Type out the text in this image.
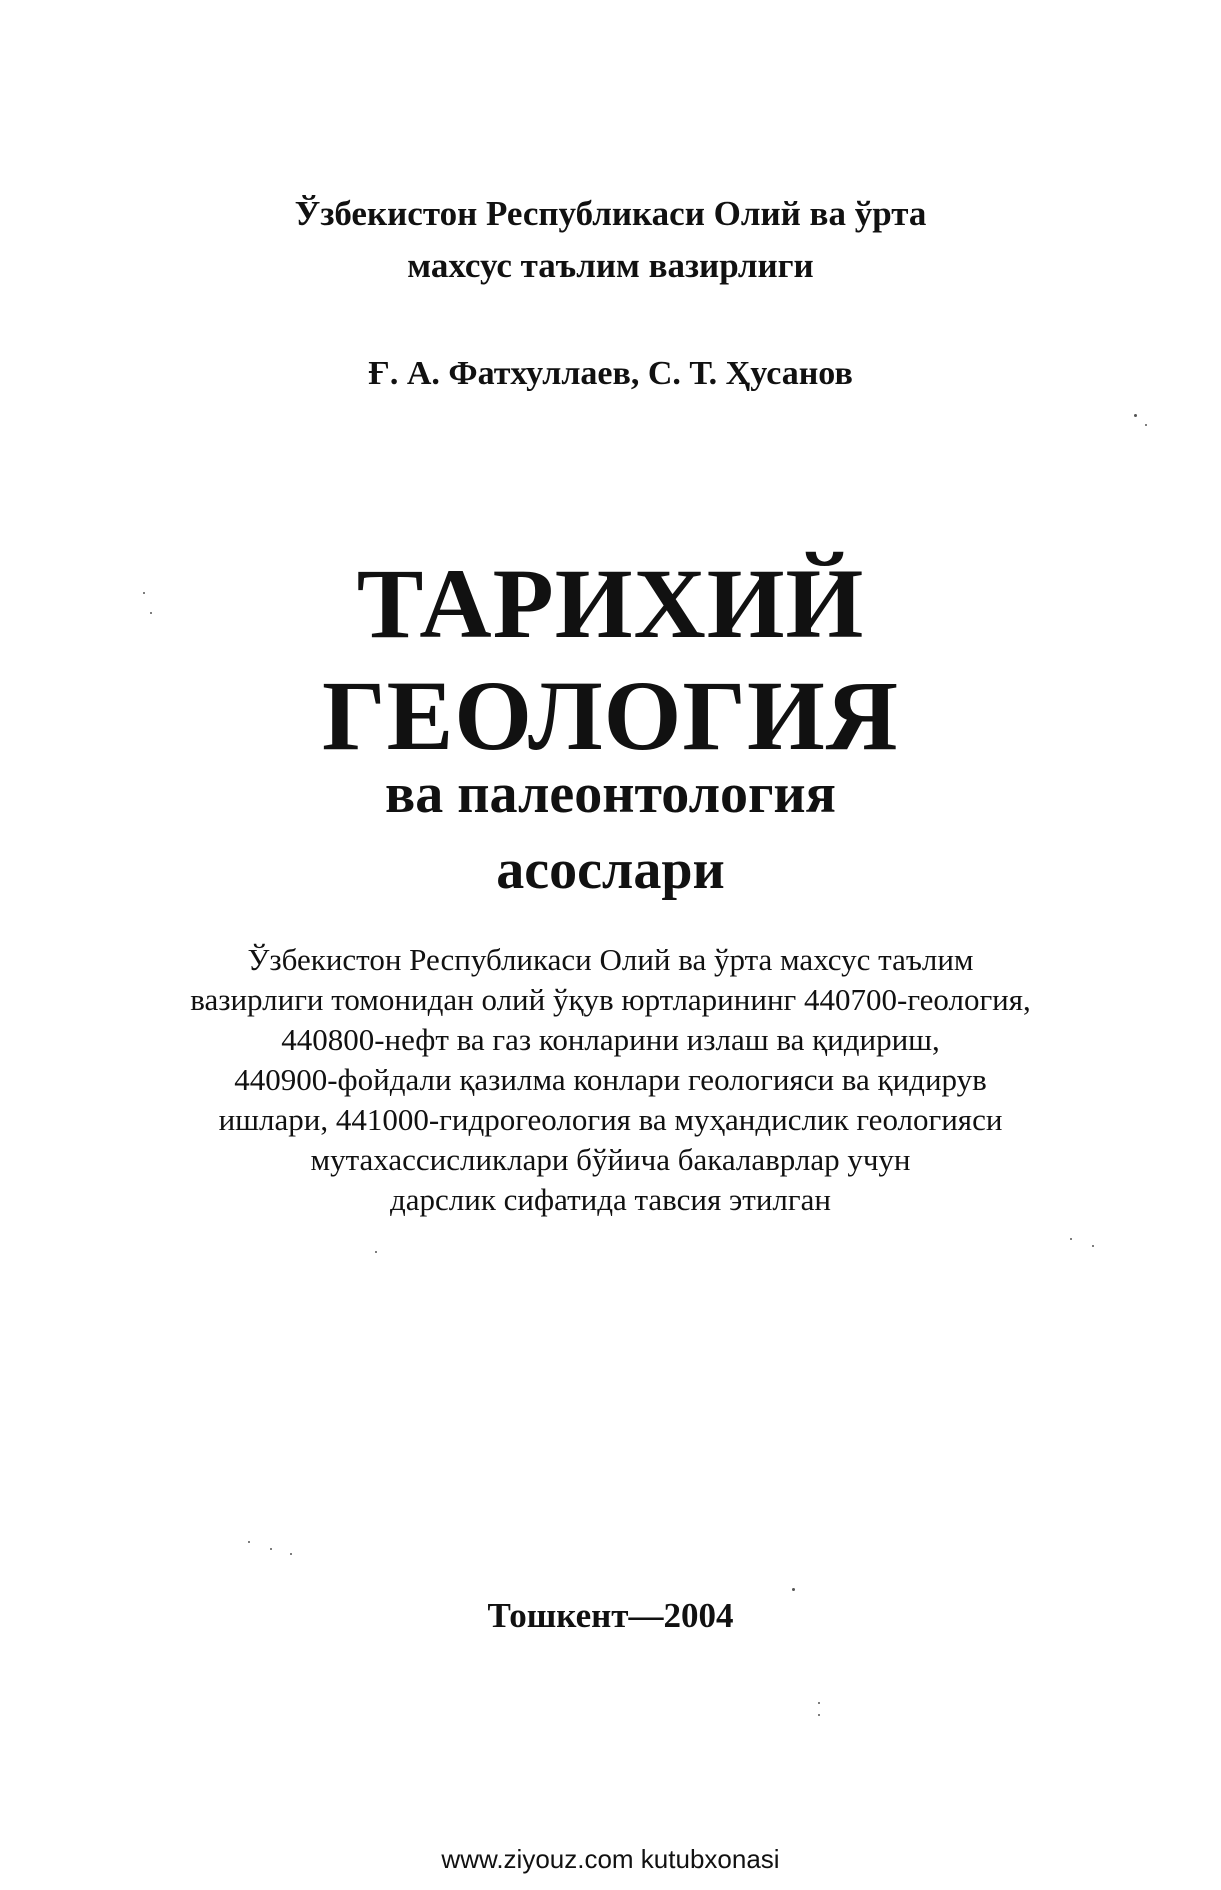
Ўзбекистон Республикаси Олий ва ўрта
махсус таълим вазирлиги
Ғ. А. Фатхуллаев, С. Т. Ҳусанов
ТАРИХИЙ
ГЕОЛОГИЯ
ва палеонтология
асослари
Ўзбекистон Республикаси Олий ва ўрта махсус таълим
вазирлиги томонидан олий ўқув юртларининг 440700-геология,
440800-нефт ва газ конларини излаш ва қидириш,
440900-фойдали қазилма конлари геологияси ва қидирув
ишлари, 441000-гидрогеология ва муҳандислик геологияси
мутахассисликлари бўйича бакалаврлар учун
дарслик сифатида тавсия этилган
Тошкент—2004
www.ziyouz.com kutubxonasi
